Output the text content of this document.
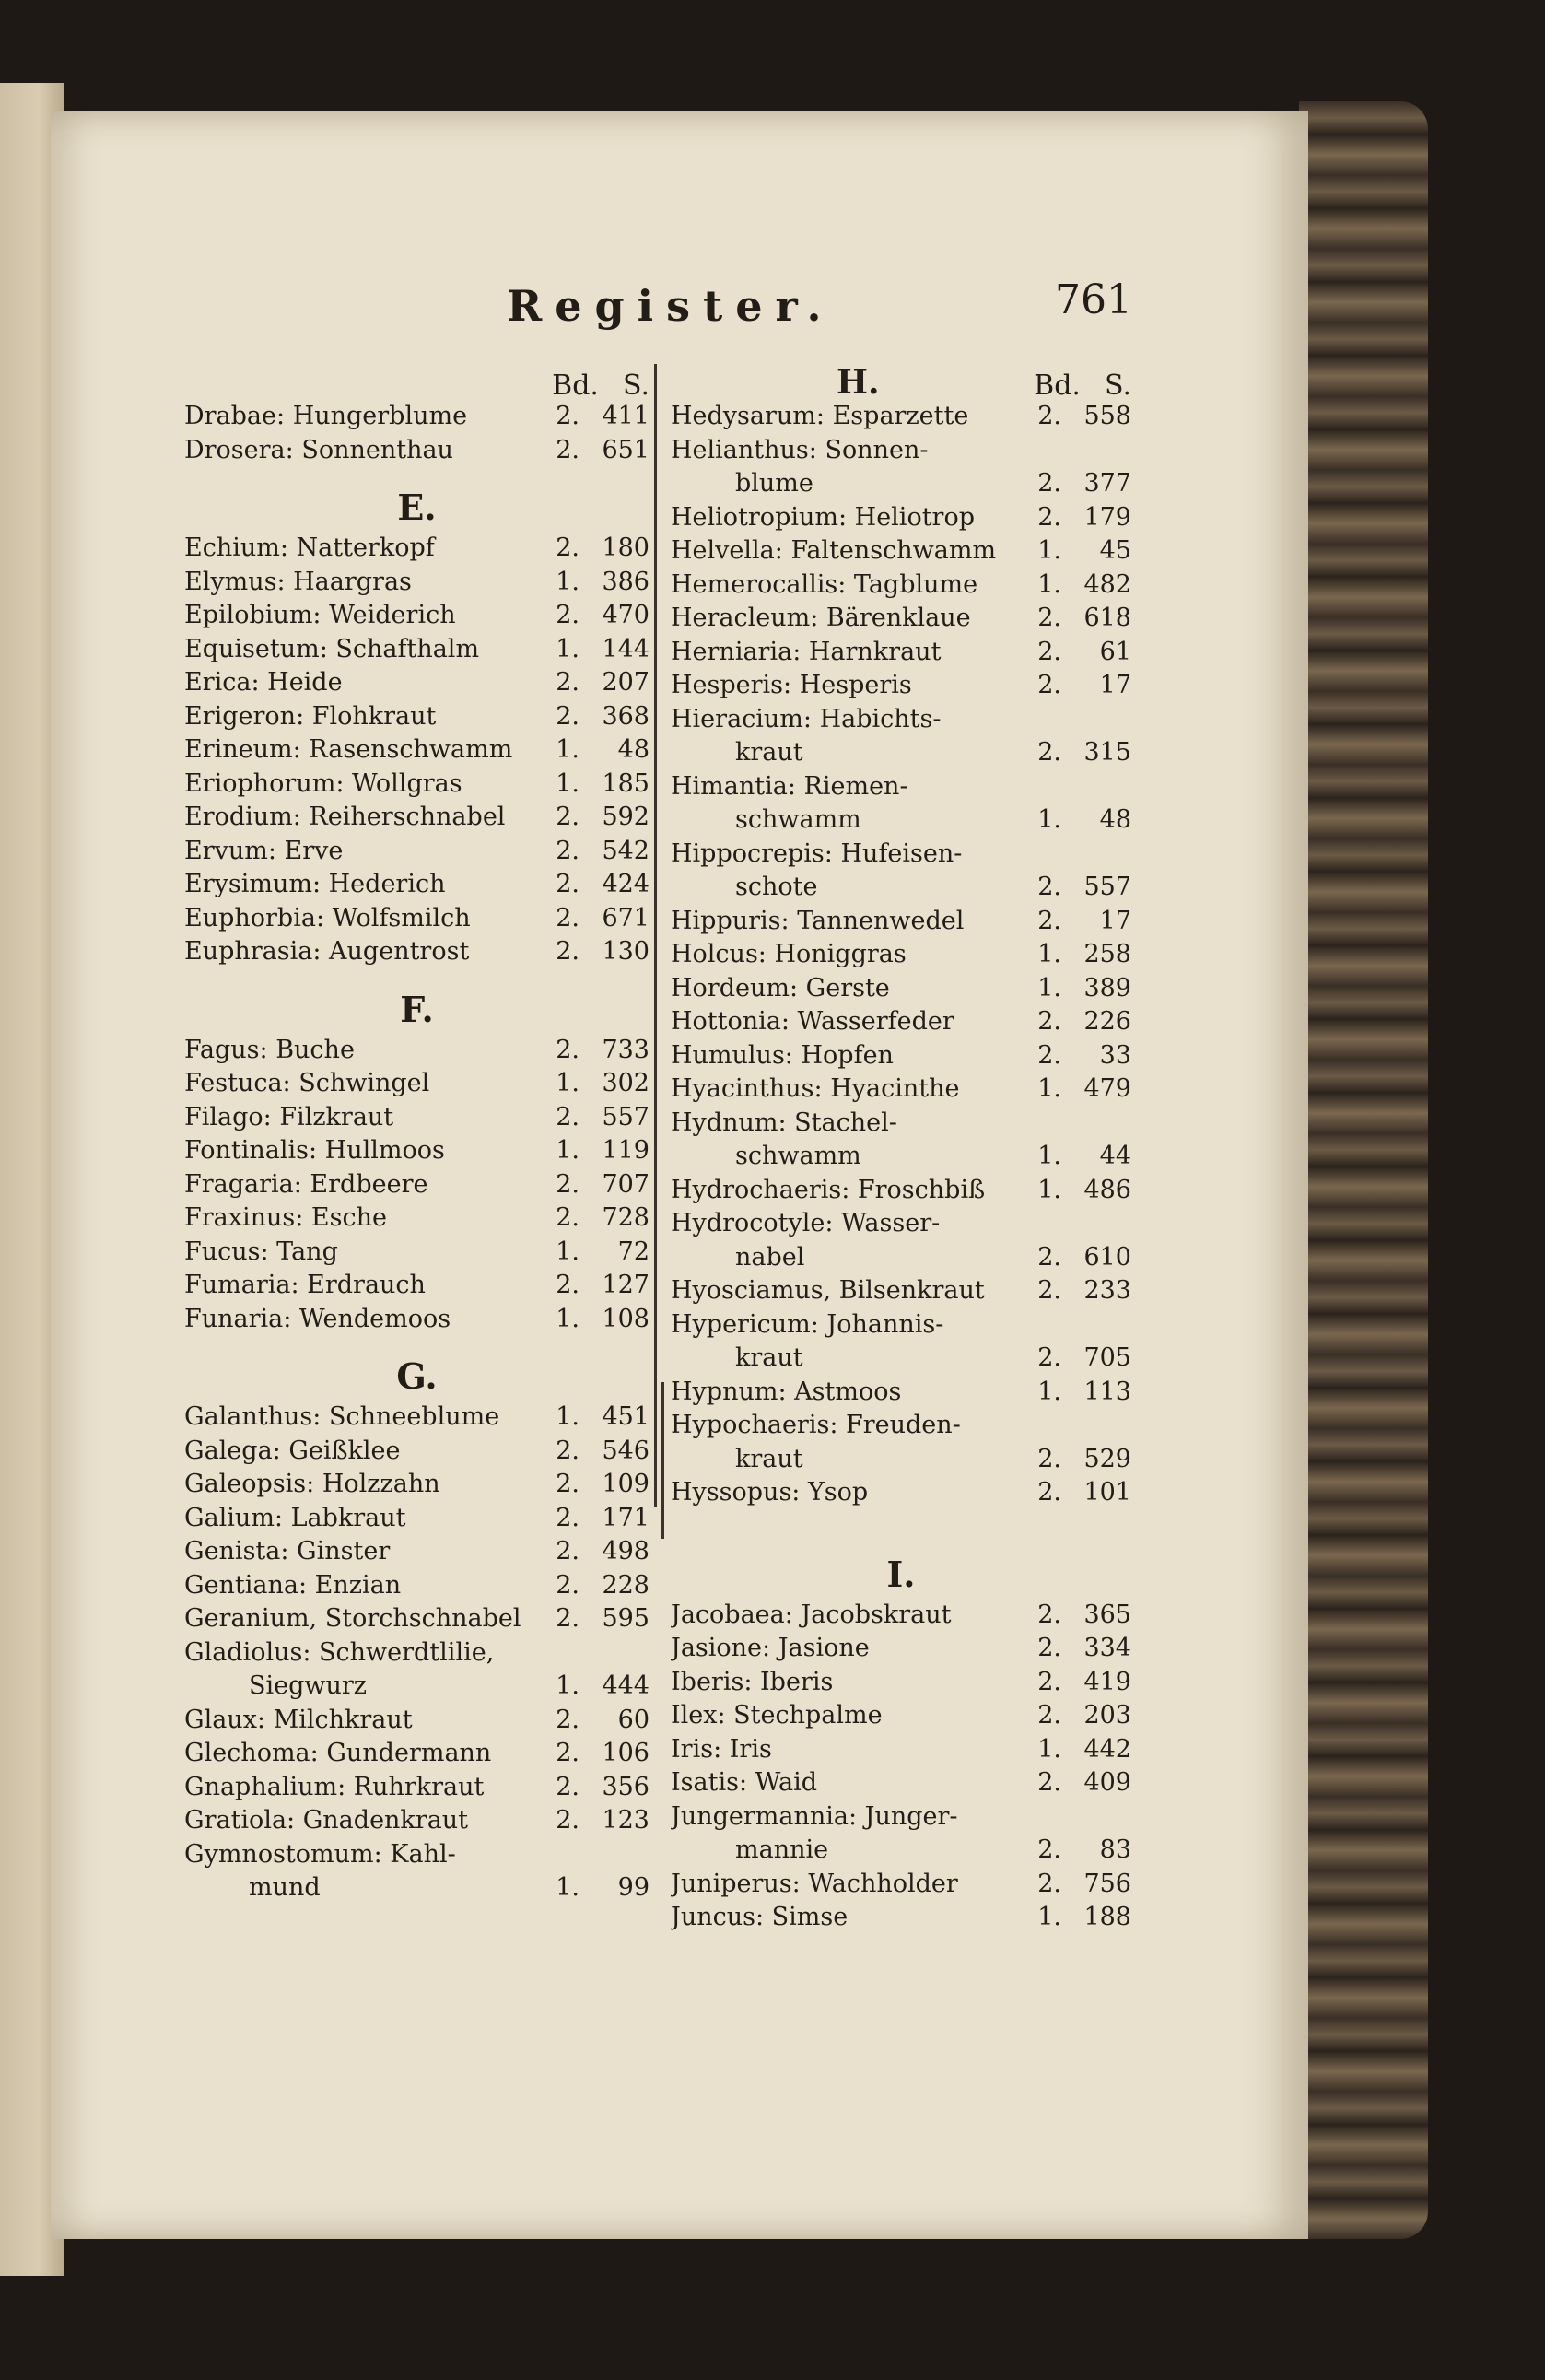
Register.	761
Bd. S.
Drabae: Hungerblume	2. 411
Drosera: Sonnenthau	2. 651
E.
Echium: Natterkopf	2. 180
Elymus: Haargras	1. 386
Epilobium: Weiderich	2. 470
Equisetum: Schafthalm	1. 144
Erica: Heide	2. 207
Erigeron: Flohkraut	2. 368
Erineum: Rasenschwamm	1.	48
Eriophorum: Wollgras	1. 185
Erodium: Reiherschnabel	2. 592
Ervum: Erve	2. 542
Erysimum: Hederich	2. 424
Euphorbia: Wolfsmilch	2. 671
Euphrasia: Augentrost	2. 130
F.
Fagus: Buche	2. 733
Festuca: Schwingel	1. 302
Filago: Filzkraut	2. 557
Fontinalis: Hullmoos	1. 119
Fragaria: Erdbeere	2. 707
Fraxinus: Esche	2. 728
Fucus: Tang	1.	72
Fumaria: Erdrauch	2. 127
Funaria: Wendemoos	1. 108
G.
Galanthus: Schneeblume	1. 451
Galega: Geißklee	2. 546
Galeopsis: Holzzahn	2. 109
Galium: Labkraut	2. 171
Genista: Ginster	2. 498
Gentiana: Enzian	2. 228
Geranium, Storchschnabel	2. 595
Gladiolus: Schwerdtlilie,
Siegwurz	1. 444
Glaux: Milchkraut	2.	60
Glechoma: Gundermann	2. 106
Gnaphalium: Ruhrkraut	2. 356
Gratiola: Gnadenkraut	2. 123
Gymnostomum: Kahl-
mund	1.	99
H.	Bd. S.
Hedysarum: Esparzette	2. 558
Helianthus: Sonnen-
blume	2. 377
Heliotropium: Heliotrop	2. 179
Helvella: Faltenschwamm	1.	45
Hemerocallis: Tagblume	1. 482
Heracleum: Bärenklaue	2. 618
Herniaria: Harnkraut	2.	61
Hesperis: Hesperis	2.	17
Hieracium: Habichts-
kraut	2. 315
Himantia: Riemen-
schwamm	1.	48
Hippocrepis: Hufeisen-
schote	2. 557
Hippuris: Tannenwedel	2.	17
Holcus: Honiggras	1. 258
Hordeum: Gerste	1. 389
Hottonia: Wasserfeder	2. 226
Humulus: Hopfen	2.	33
Hyacinthus: Hyacinthe	1. 479
Hydnum: Stachel-
schwamm	1.	44
Hydrochaeris: Froschbiß	1. 486
Hydrocotyle: Wasser-
nabel	2. 610
Hyosciamus, Bilsenkraut	2. 233
Hypericum: Johannis-
kraut	2. 705
Hypnum: Astmoos	1. 113
Hypochaeris: Freuden-
kraut	2. 529
Hyssopus: Ysop	2. 101
I.
Jacobaea: Jacobskraut	2. 365
Jasione: Jasione	2. 334
Iberis: Iberis	2. 419
Ilex: Stechpalme	2. 203
Iris: Iris	1. 442
Isatis: Waid	2. 409
Jungermannia: Junger-
mannie	2.	83
Juniperus: Wachholder	2. 756
Juncus: Simse	1. 188
